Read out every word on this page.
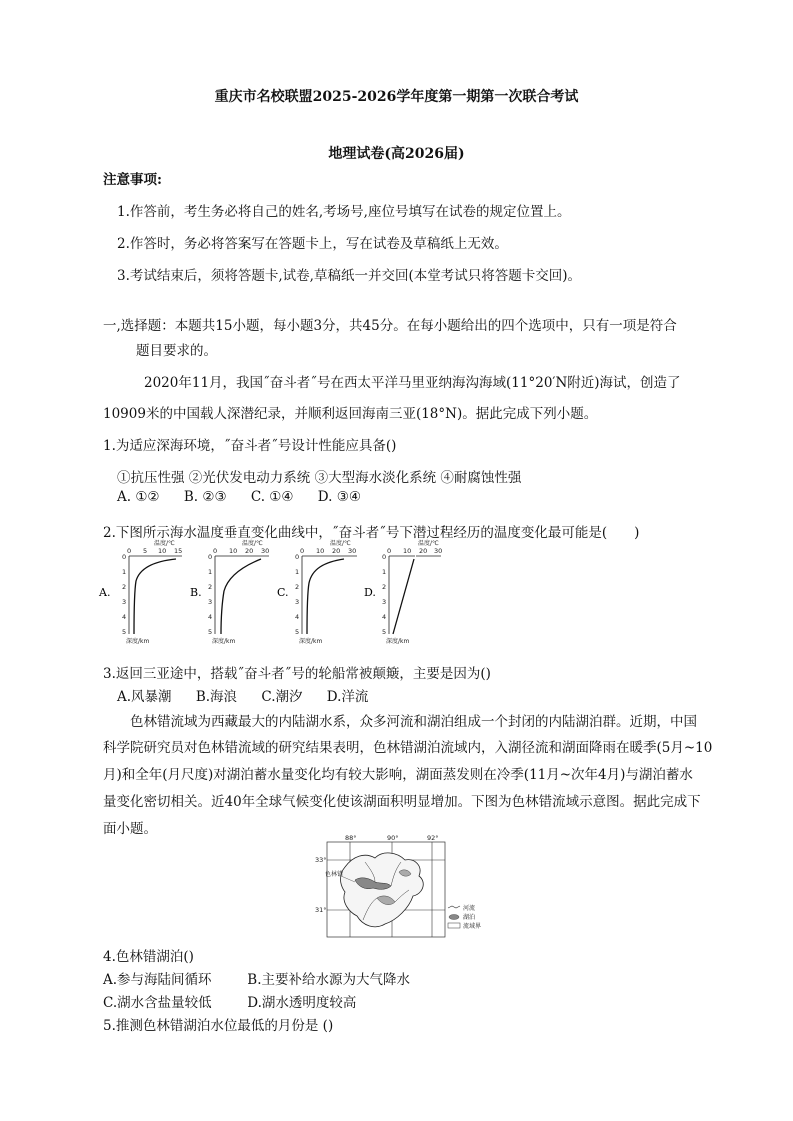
重庆市名校联盟2025-2026学年度第一期第一次联合考试
地理试卷(高2026届)
注意事项:
1.作答前，考生务必将自己的姓名,考场号,座位号填写在试卷的规定位置上。
2.作答时，务必将答案写在答题卡上，写在试卷及草稿纸上无效。
3.考试结束后，须将答题卡,试卷,草稿纸一并交回(本堂考试只将答题卡交回)。
一,选择题：本题共15小题，每小题3分，共45分。在每小题给出的四个选项中，只有一项是符合
题目要求的。
2020年11月，我国˝奋斗者˝号在西太平洋马里亚纳海沟海域(11°20′N附近)海试，创造了
10909米的中国载人深潜纪录，并顺利返回海南三亚(18°N)。据此完成下列小题。
1.为适应深海环境，˝奋斗者˝号设计性能应具备()
①抗压性强 ②光伏发电动力系统 ③大型海水淡化系统 ④耐腐蚀性强
A. ①② B. ②③ C. ①④ D. ③④
2.下图所示海水温度垂直变化曲线中，˝奋斗者˝号下潜过程经历的温度变化最可能是(　　)
A.
温度/℃
0 5 10 15
0
1
2
3
4
5
深度/km
B.
温度/℃
0 10 20 30
0
1
2
3
4
5
深度/km
C.
温度/℃
0 10 20 30
0
1
2
3
4
5
深度/km
D.
温度/℃
0 10
0
1
2
3
4
5
深度/km
20 30
3.返回三亚途中，搭载˝奋斗者˝号的轮船常被颠簸，主要是因为()
A.风暴潮 B.海浪 C.潮汐 D.洋流
色林错流域为西藏最大的内陆湖水系，众多河流和湖泊组成一个封闭的内陆湖泊群。近期，中国
科学院研究员对色林错流域的研究结果表明，色林错湖泊流域内，入湖径流和湖面降雨在暖季(5月~10
月)和全年(月尺度)对湖泊蓄水量变化均有较大影响，湖面蒸发则在冷季(11月~次年4月)与湖泊蓄水
量变化密切相关。近40年全球气候变化使该湖面积明显增加。下图为色林错流域示意图。据此完成下
面小题。
88°	90°	92°
33°
31°
色林错
河流
湖泊
流域界
4.色林错湖泊()
A.参与海陆间循环	B.主要补给水源为大气降水
C.湖水含盐量较低	D.湖水透明度较高
5.推测色林错湖泊水位最低的月份是 ()
